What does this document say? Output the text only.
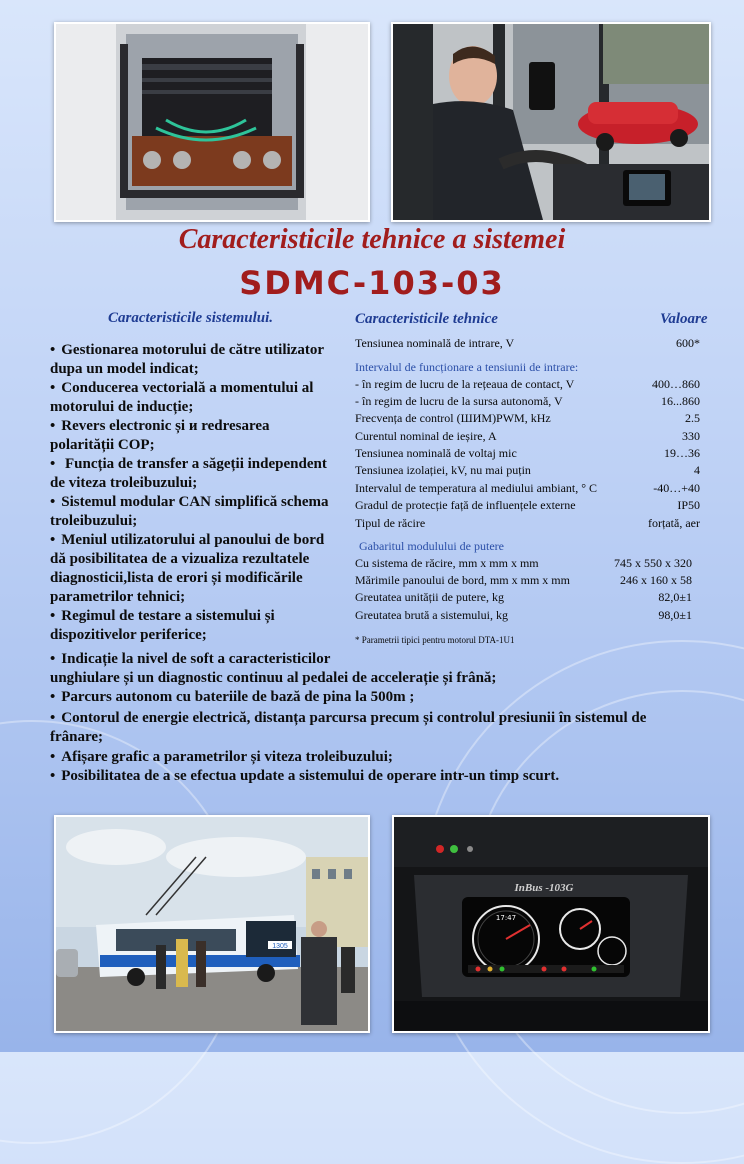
Caracteristicile tehnice a sistemei
SDMC-103-03
Caracteristicile sistemului.
• Gestionarea motorului de către utilizator
dupa un model indicat;
• Conducerea vectorială a momentului al
motorului de inducție;
• Revers electronic și и redresarea
polarității COP;
• Funcția de transfer a săgeții independent
de viteza troleibuzului;
• Sistemul modular CAN simplifică schema
troleibuzului;
• Meniul utilizatorului al panoului de bord
dă posibilitatea de a vizualiza rezultatele
diagnosticii,lista de erori și modificările
parametrilor tehnici;
• Regimul de testare a sistemului și
dispozitivelor periferice;
• Indicație la nivel de soft a caracteristicilor
unghiulare și un diagnostic continuu al pedalei de accelerație și frână;
• Parcurs autonom cu bateriile de bază de pina la 500m ;
• Contorul de energie electrică, distanța parcursa precum și controlul presiunii în sistemul de
frânare;
• Afișare grafic a parametrilor și viteza troleibuzului;
• Posibilitatea de a se efectua update a sistemului de operare intr-un timp scurt.
Caracteristicile tehnice	Valoare
Tensiunea nominală de intrare, V	600*
Intervalul de funcționare a tensiunii de intrare:
- în regim de lucru de la rețeaua de contact, V	400…860
- în regim de lucru de la sursa autonomă, V	16...860
Frecvența de control (ШИМ)PWM, kHz	2.5
Curentul nominal de ieșire, A	330
Tensiunea nominală de voltaj mic	19…36
Tensiunea izolației, kV, nu mai puțin	4
Intervalul de temperatura al mediului ambiant, ° C	-40…+40
Gradul de protecție față de influențele externe	IP50
Tipul de răcire	forțată, aer
Gabaritul modulului de putere
Cu sistema de răcire, mm x mm x mm	745 x 550 x 320
Mărimile panoului de bord, mm x mm x mm	246 x 160 x 58
Greutatea unității de putere, kg	82,0±1
Greutatea brută a sistemului, kg	98,0±1
* Parametrii tipici pentru motorul DTA-1U1
1305
InBus -103G
17:47
